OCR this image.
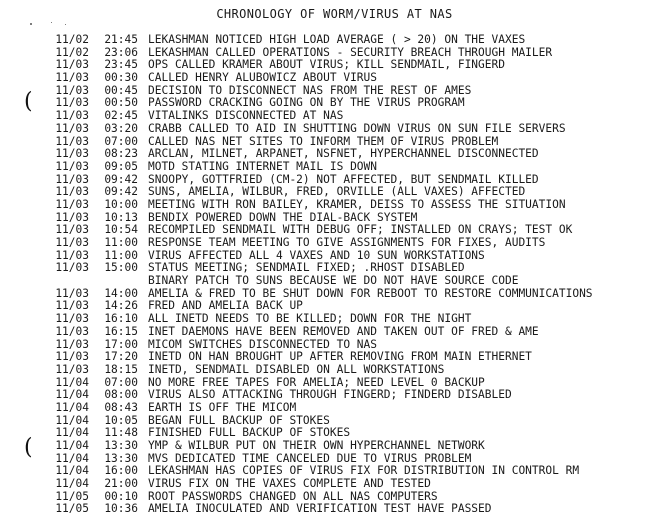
CHRONOLOGY OF WORM/VIRUS AT NAS
(
(
11/02	21:45 LEKASHMAN NOTICED HIGH LOAD AVERAGE ( > 20) ON THE VAXES
11/02	23:06 LEKASHMAN CALLED OPERATIONS - SECURITY BREACH THROUGH MAILER
11/03	23:45 OPS CALLED KRAMER ABOUT VIRUS; KILL SENDMAIL, FINGERD
11/03	00:30 CALLED HENRY ALUBOWICZ ABOUT VIRUS
11/03	00:45 DECISION TO DISCONNECT NAS FROM THE REST OF AMES
11/03	00:50 PASSWORD CRACKING GOING ON BY THE VIRUS PROGRAM
11/03	02:45 VITALINKS DISCONNECTED AT NAS
11/03	03:20 CRABB CALLED TO AID IN SHUTTING DOWN VIRUS ON SUN FILE SERVERS
11/03	07:00 CALLED NAS NET SITES TO INFORM THEM OF VIRUS PROBLEM
11/03	08:23 ARCLAN, MILNET, ARPANET, NSFNET, HYPERCHANNEL DISCONNECTED
11/03	09:05 MOTD STATING INTERNET MAIL IS DOWN
11/03	09:42 SNOOPY, GOTTFRIED (CM-2) NOT AFFECTED, BUT SENDMAIL KILLED
11/03	09:42 SUNS, AMELIA, WILBUR, FRED, ORVILLE (ALL VAXES) AFFECTED
11/03	10:00 MEETING WITH RON BAILEY, KRAMER, DEISS TO ASSESS THE SITUATION
11/03	10:13 BENDIX POWERED DOWN THE DIAL-BACK SYSTEM
11/03	10:54 RECOMPILED SENDMAIL WITH DEBUG OFF; INSTALLED ON CRAYS; TEST OK
11/03	11:00 RESPONSE TEAM MEETING TO GIVE ASSIGNMENTS FOR FIXES, AUDITS
11/03	11:00 VIRUS AFFECTED ALL 4 VAXES AND 10 SUN WORKSTATIONS
11/03	15:00 STATUS MEETING; SENDMAIL FIXED; .RHOST DISABLED
BINARY PATCH TO SUNS BECAUSE WE DO NOT HAVE SOURCE CODE
11/03	14:00 AMELIA & FRED TO BE SHUT DOWN FOR REBOOT TO RESTORE COMMUNICATIONS
11/03	14:26 FRED AND AMELIA BACK UP
11/03	16:10 ALL INETD NEEDS TO BE KILLED; DOWN FOR THE NIGHT
11/03	16:15 INET DAEMONS HAVE BEEN REMOVED AND TAKEN OUT OF FRED & AME
11/03	17:00 MICOM SWITCHES DISCONNECTED TO NAS
11/03	17:20 INETD ON HAN BROUGHT UP AFTER REMOVING FROM MAIN ETHERNET
11/03	18:15 INETD, SENDMAIL DISABLED ON ALL WORKSTATIONS
11/04	07:00 NO MORE FREE TAPES FOR AMELIA; NEED LEVEL 0 BACKUP
11/04	08:00 VIRUS ALSO ATTACKING THROUGH FINGERD; FINDERD DISABLED
11/04	08:43 EARTH IS OFF THE MICOM
11/04	10:05 BEGAN FULL BACKUP OF STOKES
11/04	11:48 FINISHED FULL BACKUP OF STOKES
11/04	13:30 YMP & WILBUR PUT ON THEIR OWN HYPERCHANNEL NETWORK
11/04	13:30 MVS DEDICATED TIME CANCELED DUE TO VIRUS PROBLEM
11/04	16:00 LEKASHMAN HAS COPIES OF VIRUS FIX FOR DISTRIBUTION IN CONTROL RM
11/04	21:00 VIRUS FIX ON THE VAXES COMPLETE AND TESTED
11/05	00:10 ROOT PASSWORDS CHANGED ON ALL NAS COMPUTERS
11/05	10:36 AMELIA INOCULATED AND VERIFICATION TEST HAVE PASSED
